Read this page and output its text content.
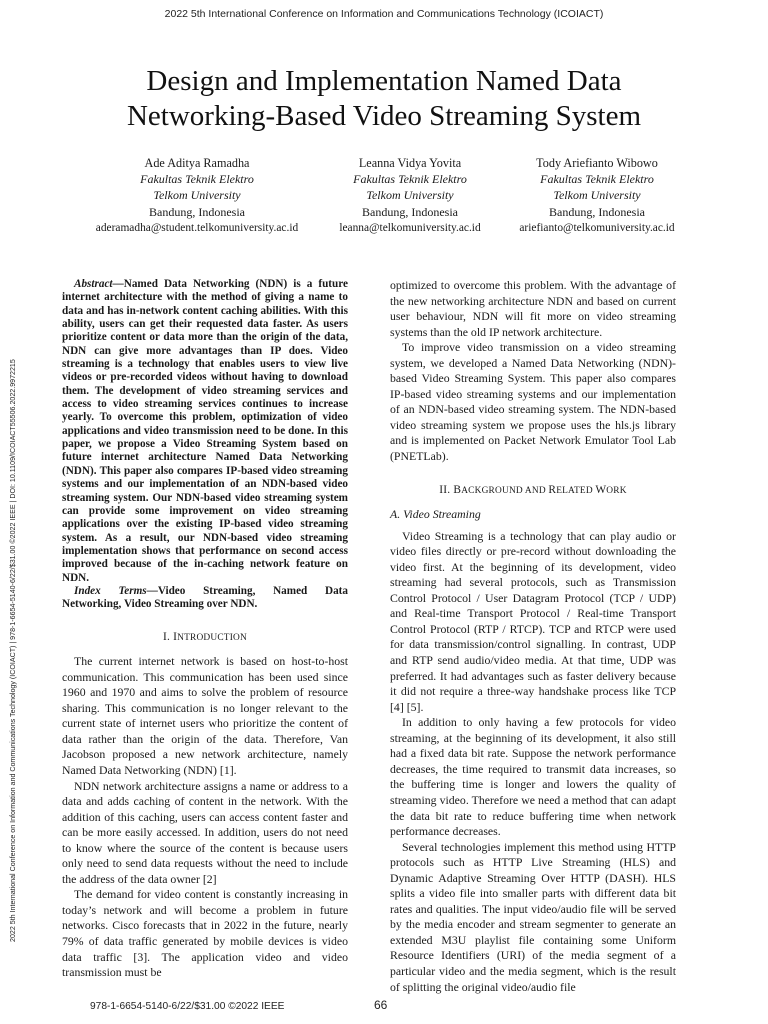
2022 5th International Conference on Information and Communications Technology (ICOIACT)
2022 5th International Conference on Information and Communications Technology (ICOIACT) | 978-1-6654-5140-6/22/$31.00 ©2022 IEEE | DOI: 10.1109/ICOIACT55506.2022.9972215
Design and Implementation Named Data
Networking-Based Video Streaming System
Ade Aditya Ramadha
Fakultas Teknik Elektro
Telkom University
Bandung, Indonesia
aderamadha@student.telkomuniversity.ac.id
Leanna Vidya Yovita
Fakultas Teknik Elektro
Telkom University
Bandung, Indonesia
leanna@telkomuniversity.ac.id
Tody Ariefianto Wibowo
Fakultas Teknik Elektro
Telkom University
Bandung, Indonesia
ariefianto@telkomuniversity.ac.id

Abstract—Named Data Networking (NDN) is a future internet architecture with the method of giving a name to data and has in-network content caching abilities. With this ability, users can get their requested data faster. As users prioritize content or data more than the origin of the data, NDN can give more advantages than IP does. Video streaming is a technology that enables users to view live videos or pre-recorded videos without having to download them. The development of video streaming services and access to video streaming services continues to increase yearly. To overcome this problem, optimization of video applications and video transmission need to be done. In this paper, we propose a Video Streaming System based on future internet architecture Named Data Networking (NDN). This paper also compares IP-based video streaming systems and our implementation of an NDN-based video streaming system. Our NDN-based video streaming system can provide some improvement on video streaming applications over the existing IP-based video streaming system. As a result, our NDN-based video streaming implementation shows that performance on second access improved because of the in-caching network feature on NDN.

Index Terms—Video Streaming, Named Data Networking, Video Streaming over NDN.

I. INTRODUCTION

The current internet network is based on host-to-host communication. This communication has been used since 1960 and 1970 and aims to solve the problem of resource sharing. This communication is no longer relevant to the current state of internet users who prioritize the content of data rather than the origin of the data. Therefore, Van Jacobson proposed a new network architecture, namely Named Data Networking (NDN) [1].

NDN network architecture assigns a name or address to a data and adds caching of content in the network. With the addition of this caching, users can access content faster and can be more easily accessed. In addition, users do not need to know where the source of the content is because users only need to send data requests without the need to include the address of the data owner [2]

The demand for video content is constantly increasing in today’s network and will become a problem in future networks. Cisco forecasts that in 2022 in the future, nearly 79% of data traffic generated by mobile devices is video data traffic [3]. The application video and video transmission must be

optimized to overcome this problem. With the advantage of the new networking architecture NDN and based on current user behaviour, NDN will fit more on video streaming systems than the old IP network architecture.

To improve video transmission on a video streaming system, we developed a Named Data Networking (NDN)-based Video Streaming System. This paper also compares IP-based video streaming systems and our implementation of an NDN-based video streaming system. The NDN-based video streaming system we propose uses the hls.js library and is implemented on Packet Network Emulator Tool Lab (PNETLab).

II. BACKGROUND AND RELATED WORK
A. Video Streaming

Video Streaming is a technology that can play audio or video files directly or pre-record without downloading the video first. At the beginning of its development, video streaming had several protocols, such as Transmission Control Protocol / User Datagram Protocol (TCP / UDP) and Real-time Transport Protocol / Real-time Transport Control Protocol (RTP / RTCP). TCP and RTCP were used for data transmission/control signalling. In contrast, UDP and RTP send audio/video media. At that time, UDP was preferred. It had advantages such as faster delivery because it did not require a three-way handshake process like TCP [4] [5].

In addition to only having a few protocols for video streaming, at the beginning of its development, it also still had a fixed data bit rate. Suppose the network performance decreases, the time required to transmit data increases, so the buffering time is longer and lowers the quality of streaming video. Therefore we need a method that can adapt the data bit rate to reduce buffering time when network performance decreases.

Several technologies implement this method using HTTP protocols such as HTTP Live Streaming (HLS) and Dynamic Adaptive Streaming Over HTTP (DASH). HLS splits a video file into smaller parts with different data bit rates and qualities. The input video/audio file will be served by the media encoder and stream segmenter to generate an extended M3U playlist file containing some Uniform Resource Identifiers (URI) of the media segment of a particular video and the media segment, which is the result of splitting the original video/audio file

978-1-6654-5140-6/22/$31.00 ©2022 IEEE	66
